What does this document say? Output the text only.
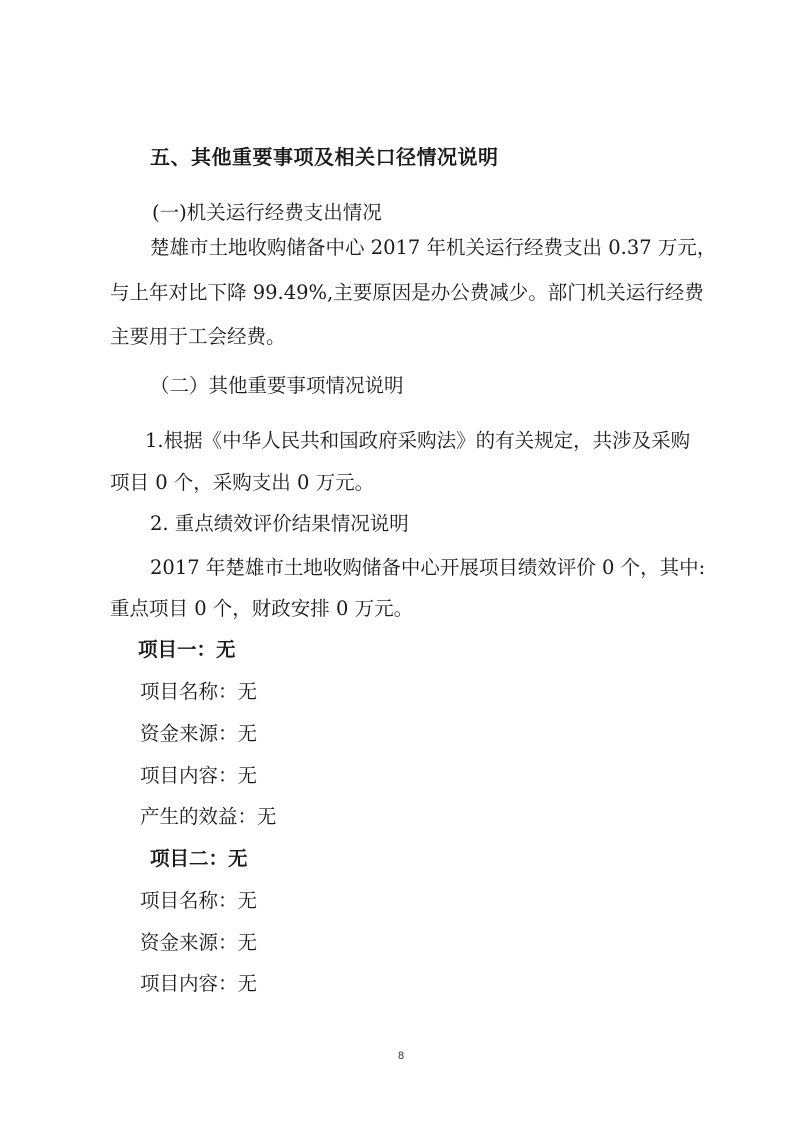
五、其他重要事项及相关口径情况说明
(一)机关运行经费支出情况
楚雄市土地收购储备中心 2017 年机关运行经费支出 0.37 万元，
与上年对比下降 99.49%,主要原因是办公费减少。部门机关运行经费
主要用于工会经费。
（二）其他重要事项情况说明
1.根据《中华人民共和国政府采购法》的有关规定，共涉及采购
项目 0 个，采购支出 0 万元。
2. 重点绩效评价结果情况说明
2017 年楚雄市土地收购储备中心开展项目绩效评价 0 个，其中:
重点项目 0 个，财政安排 0 万元。
项目一：无
项目名称：无
资金来源：无
项目内容：无
产生的效益：无
项目二：无
项目名称：无
资金来源：无
项目内容：无
8
